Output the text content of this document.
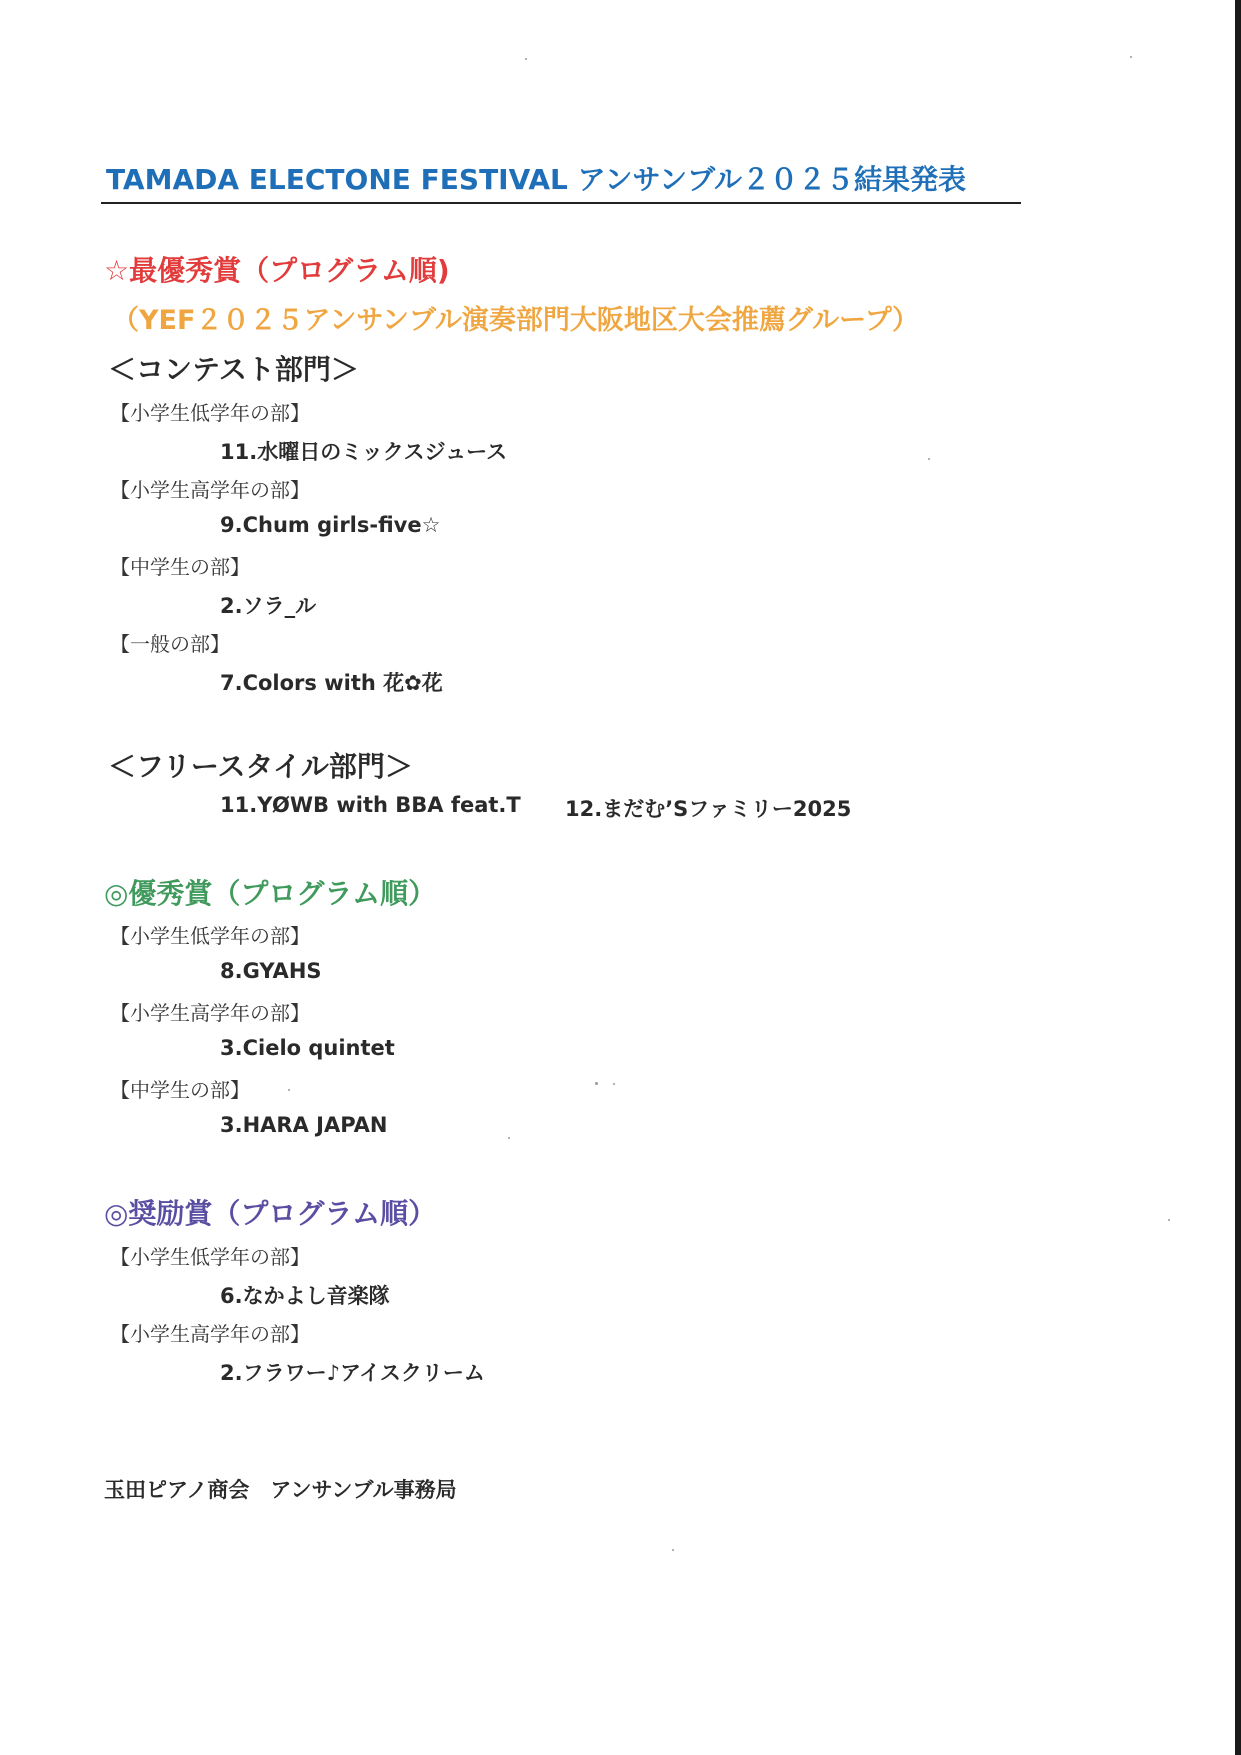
TAMADA ELECTONE FESTIVAL アンサンブル２０２５結果発表
☆最優秀賞（プログラム順)
（YEF２０２５アンサンブル演奏部門大阪地区大会推薦グループ）
＜コンテスト部門＞
【小学生低学年の部】
11.水曜日のミックスジュース
【小学生高学年の部】
9.Chum girls-five☆
【中学生の部】
2.ソラ_ル
【一般の部】
7.Colors with 花✿花
＜フリースタイル部門＞
11.YØWB with BBA feat.T 12.まだむ’Sファミリー2025
◎優秀賞（プログラム順）
【小学生低学年の部】
8.GYAHS
【小学生高学年の部】
3.Cielo quintet
【中学生の部】
3.HARA JAPAN
◎奨励賞（プログラム順）
【小学生低学年の部】
6.なかよし音楽隊
【小学生高学年の部】
2.フラワー♪アイスクリーム
玉田ピアノ商会　アンサンブル事務局
